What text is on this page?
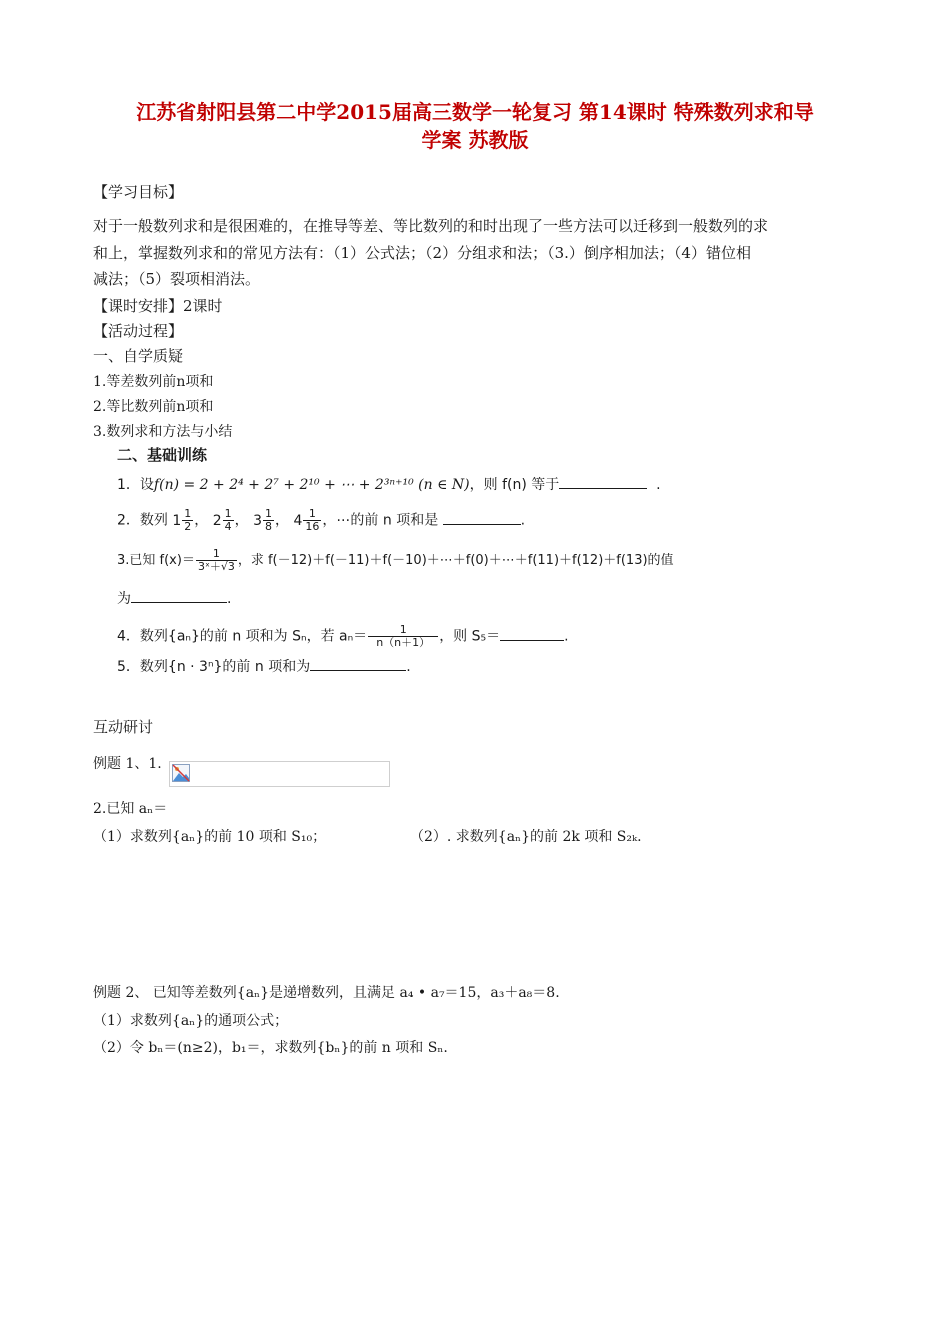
江苏省射阳县第二中学2015届高三数学一轮复习 第14课时 特殊数列求和导
学案 苏教版
【学习目标】
对于一般数列求和是很困难的，在推导等差、等比数列的和时出现了一些方法可以迁移到一般数列的求
和上，掌握数列求和的常见方法有：（1）公式法；（2）分组求和法；（3.）倒序相加法；（4）错位相
减法；（5）裂项相消法。
【课时安排】2课时
【活动过程】
一、自学质疑
1.等差数列前n项和
2.等比数列前n项和
3.数列求和方法与小结
二、基础训练
1．设f(n) = 2 + 2⁴ + 2⁷ + 2¹⁰ + ⋯ + 2³ⁿ⁺¹⁰ (n ∈ N)，则 f(n) 等于	.
2．数列 $1 \frac{1}{2}$ ， $2 \frac{1}{4}$ ， $3 \frac{1}{8}$ ， $4 \frac{1}{16}$ ，⋯的前 n 项和是	.
3.已知 $f(x)= \frac{1}{\text{3ˣ＋√3}}$ ，求 f(－12)＋f(－11)＋f(－10)＋⋯＋f(0)＋⋯＋f(11)＋f(12)＋f(13)的值
为	.
4．数列{aₙ}的前 n 项和为 Sₙ，若 $a_n= \frac{1}{n(n+1)}$ ，则 S₅＝	.
5．数列{n · 3ⁿ}的前 n 项和为	.
互动研讨
例题 1、1.
2.已知 aₙ＝
（1）求数列{aₙ}的前 10 项和 S₁₀；	（2）. 求数列{aₙ}的前 2k 项和 S₂ₖ.
例题 2、 已知等差数列{aₙ}是递增数列，且满足 a₄ • a₇＝15，a₃＋a₈＝8.
（1）求数列{aₙ}的通项公式；
（2）令 bₙ＝(n≥2)，b₁＝，求数列{bₙ}的前 n 项和 Sₙ.
